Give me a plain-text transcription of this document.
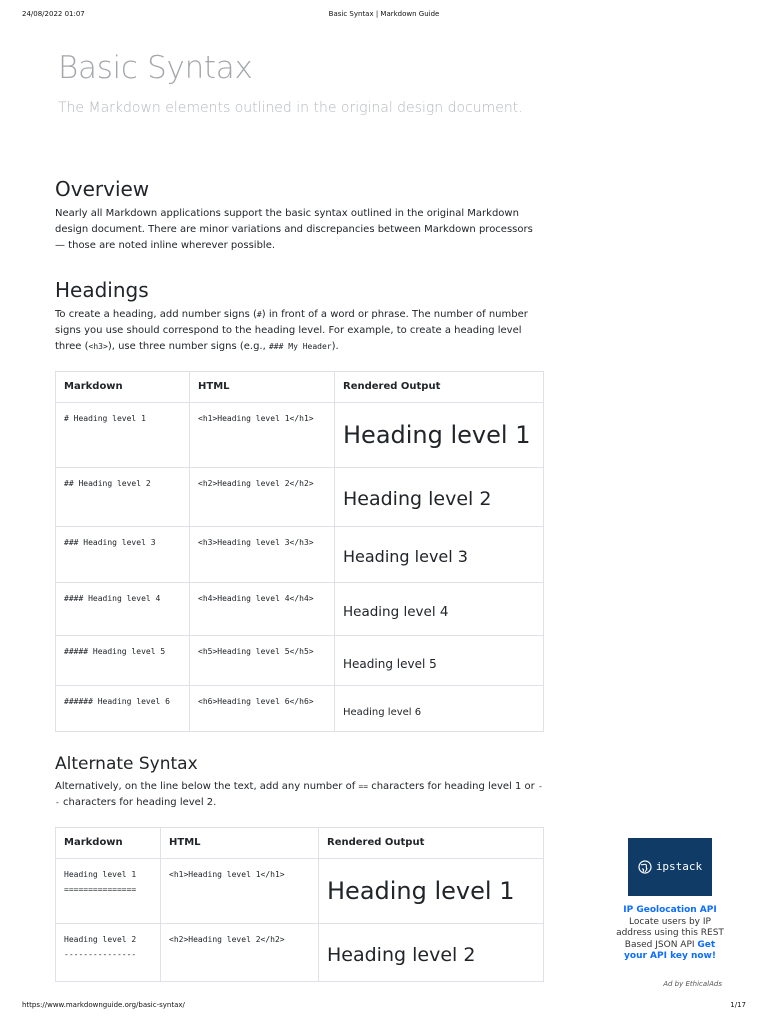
24/08/2022 01:07	Basic Syntax | Markdown Guide
Basic Syntax
The Markdown elements outlined in the original design document.
Overview

Nearly all Markdown applications support the basic syntax outlined in the original Markdown design document. There are minor variations and discrepancies between Markdown processors — those are noted inline wherever possible.

Headings

To create a heading, add number signs (#) in front of a word or phrase. The number of number signs you use should correspond to the heading level. For example, to create a heading level three (<h3>), use three number signs (e.g., ### My Header).

Markdown	HTML	Rendered Output
# Heading level 1	<h1>Heading level 1</h1>	Heading level 1

## Heading level 2	<h2>Heading level 2</h2>	Heading level 2

### Heading level 3	<h3>Heading level 3</h3>	Heading level 3

#### Heading level 4	<h4>Heading level 4</h4>	Heading level 4

##### Heading level 5	<h5>Heading level 5</h5>	Heading level 5

###### Heading level 6	<h6>Heading level 6</h6>	Heading level 6
Alternate Syntax

Alternatively, on the line below the text, add any number of == characters for heading level 1 or -- characters for heading level 2.

Markdown	HTML	Rendered Output
Heading level 1
===============	<h1>Heading level 1</h1>	Heading level 1

Heading level 2
---------------	<h2>Heading level 2</h2>	Heading level 2
ipstack
IP Geolocation API
Locate users by IP address using this REST Based JSON API Get your API key now!
Ad by EthicalAds
https://www.markdownguide.org/basic-syntax/	1/17
